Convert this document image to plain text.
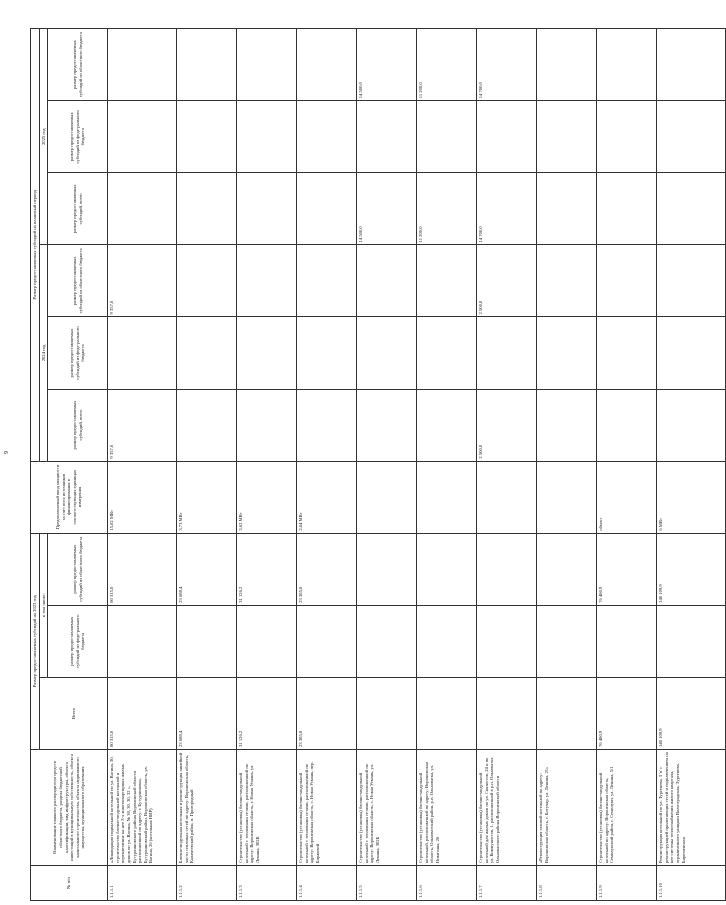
9
№ п/п	Наименование главного распорядителя средств областного бюджета, раздела бюджетной классификации, вид инфраструктуры, объекта инвестиций в муниципальную собственность, объекта капитального строительства, объекта недвижимого имущества, муниципального образования	Размер предоставляемых субсидий на 2023 год			Предполагаемый ввод мощности за счет всех источников финансирования в соответствующих единицах измерения	Размер предоставляемых субсидий на плановый период					
		Всего	в том числе:			2024 год			2025 год		
			размер предоставляемых субсидий из феде-рального бюджета	размер предоставляемых субсидий из областного бюджета		размер предоставляемых субсидий, всего	размер предоставляемых субсидий из феде-рального бюджета	размер предоставляемых субсидий из областного бюджета	размер предоставляемых субсидий, всего	размер предоставляемых субсидий из феде-рального бюджета	размер предоставляемых субсидий из областного бюджета
1.1.1.1	«Ликвидация подвальной котельной по ул. Ватина, 30, строительство блочно-модульной котельной и переключение на нее 3-х многоквартирных жилых домов по ул. Ватина, № 30, 30, 30, 32 », Бутурлиновского района Воронежской области расположенной по адресу: г. Бутурлиновка, Бутурлиновский район, Воронежская область, ул. Ватина, 26 (котельная НИР)	80 315,0		80 315,0	15,82 МВт	9 357,0		9 357,0			
1.1.1.2	Блочно-модульная котельная и реконструкция линейной части тепловых сетей по адресу: Воронежская область, Калачеевский район, п. Пригородный	23 688,4		23 688,4	3,73 МВт						
1.1.1.3	Строительство (установка) блочно-модульной котельной с тепловыми сетями, расположенной по адресу: Воронежская область, г. Новая Усмань, ул. Ленина, 302К	31 126,2		31 126,2	3,62 МВт						
1.1.1.4	Строительство (установка) блочно-модульной котельной с тепловыми сетями, расположенной по адресу: Воронежская область, с. Новая Усмань, пер. Биржевой	23 385,8		23 385,8	2,04 МВт						
1.1.1.5	Строительство (установка) блочно-модульной котельной с тепловыми сетями, расположенной по адресу: Воронежская область, с. Новая Усмань, ул. Ленина, 302Б								14 500,0		14 500,0
1.1.1.6	Строительство (установка) блочно-модульной котельной, расположенной по адресу: Воронежская область, Ольховатский район, р.п. Ольховатка, ул. Никитина, 26								11 200,0		11 200,0
1.1.1.7	Строительство (установка) блочно-модульной котельной для жилых домов по ул. Связистов, 24 и по ул. Коммунистов, 1, расположенной в р.п. Ольховатка Ольховатского района Воронежской области					2 500,0		2 500,0	14 700,0		14 700,0
1.1.1.8	«Реконструкция газовой котельной по адресу: Воронежская область, г. Богучар, ул. Ленина, 21»										
1.1.1.9	Строительство (установка) блочно-модульной котельной по адресу: Воронежская область, Семилукский район, г. Семилуки, ул. Ленина, 5/1	76 480,9		76 480,9	объект						
1.1.1.10	Реконструкция котельной по ул. Тургенева, 3 'в' с реконструкцией прилегающих сетей и подключением на нее системы теплоснабжения жилого квартала, ограниченного улицами Волгоградская, Тургенева, Бирюченская	140 109,9		140 109,9	6 МВт						
